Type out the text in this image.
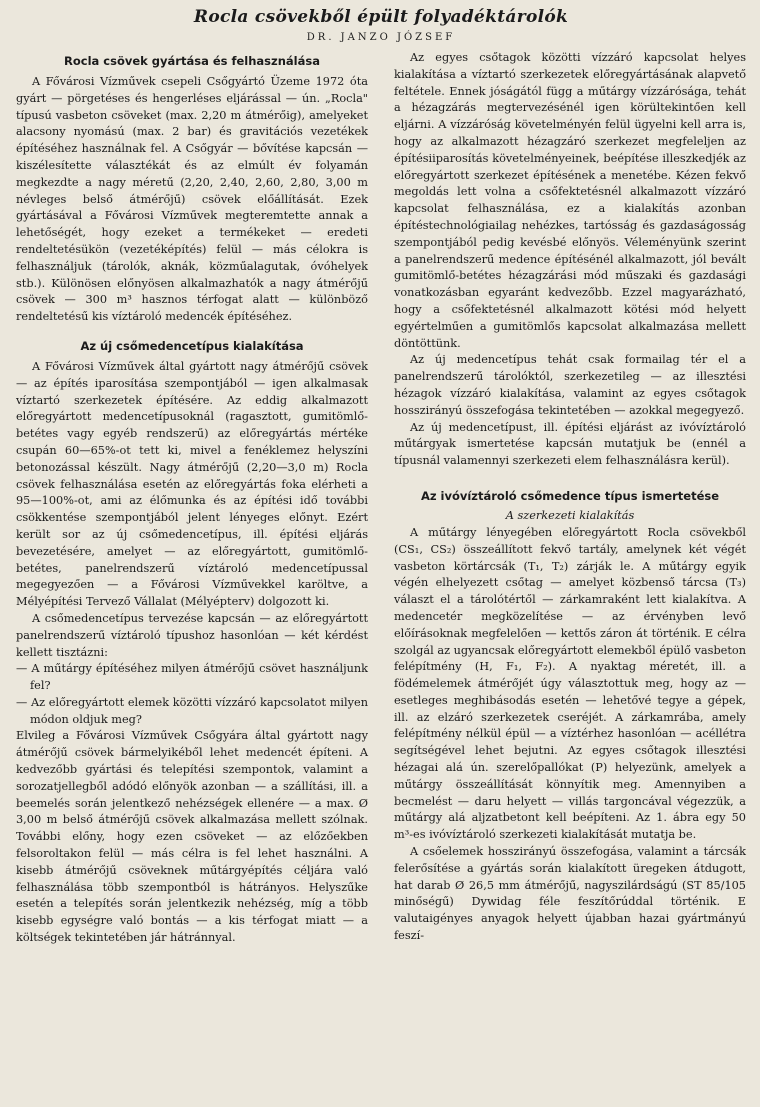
Rocla csövekből épült folyadéktárolók
DR. JANZO JÓZSEF
Rocla csövek gyártása és felhasználása

A Fővárosi Vízművek csepeli Csőgyártó Üzeme 1972 óta gyárt — pörgetéses és hengerléses eljárással — ún. „Rocla" típusú vasbeton csöveket (max. 2,20 m átmérőig), amelyeket alacsony nyomású (max. 2 bar) és gravitációs vezetékek építéséhez használnak fel. A Csőgyár — bővítése kapcsán — kiszélesítette választékát és az elmúlt év folyamán megkezdte a nagy méretű (2,20, 2,40, 2,60, 2,80, 3,00 m névleges belső átmérőjű) csövek előállítását. Ezek gyártásával a Fővárosi Vízművek megteremtette annak a lehetőségét, hogy ezeket a termékeket — eredeti rendeltetésükön (vezetéképítés) felül — más célokra is felhasználjuk (tárolók, aknák, közműalagutak, óvóhelyek stb.). Különösen előnyösen alkalmazhatók a nagy átmérőjű csövek — 300 m³ hasznos térfogat alatt — különböző rendeltetésű kis víztároló medencék építéséhez.

Az új csőmedencetípus kialakítása

A Fővárosi Vízművek által gyártott nagy átmérőjű csövek — az építés iparosítása szempontjából — igen alkalmasak víztartó szerkezetek építésére. Az eddig alkalmazott előregyártott medencetípusoknál (ragasztott, gumitömlő-betétes vagy egyéb rendszerű) az előregyártás mértéke csupán 60—65%-ot tett ki, mivel a fenéklemez helyszíni betonozással készült. Nagy átmérőjű (2,20—3,0 m) Rocla csövek felhasználása esetén az előregyártás foka elérheti a 95—100%-ot, ami az élőmunka és az építési idő további csökkentése szempontjából jelent lényeges előnyt. Ezért került sor az új csőmedencetípus, ill. építési eljárás bevezetésére, amelyet — az előregyártott, gumitömlő-betétes, panelrendszerű víztároló medencetípussal megegyezően — a Fővárosi Vízművekkel karöltve, a Mélyépítési Tervező Vállalat (Mélyépterv) dolgozott ki.

A csőmedencetípus tervezése kapcsán — az előregyártott panelrendszerű víztároló típushoz hasonlóan — két kérdést kellett tisztázni:

— A műtárgy építéséhez milyen átmérőjű csövet használjunk fel?
— Az előregyártott elemek közötti vízzáró kapcsolatot milyen módon oldjuk meg?

Elvileg a Fővárosi Vízművek Csőgyára által gyártott nagy átmérőjű csövek bármelyikéből lehet medencét építeni. A kedvezőbb gyártási és telepítési szempontok, valamint a sorozatjellegből adódó előnyök azonban — a szállítási, ill. a beemelés során jelentkező nehézségek ellenére — a max. Ø 3,00 m belső átmérőjű csövek alkalmazása mellett szólnak. További előny, hogy ezen csöveket — az előzőekben felsoroltakon felül — más célra is fel lehet használni. A kisebb átmérőjű csöveknek műtárgyépítés céljára való felhasználása több szempontból is hátrányos. Helyszűke esetén a telepítés során jelentkezik nehézség, míg a több kisebb egységre való bontás — a kis térfogat miatt — a költségek tekintetében jár hátránnyal.

Az egyes csőtagok közötti vízzáró kapcsolat helyes kialakítása a víztartó szerkezetek előregyártásának alapvető feltétele. Ennek jóságától függ a műtárgy vízzárósága, tehát a hézagzárás megtervezésénél igen körültekintően kell eljárni. A vízzáróság követelményén felül ügyelni kell arra is, hogy az alkalmazott hézagzáró szerkezet megfeleljen az építésiiparosítás követelményeinek, beépítése illeszkedjék az előregyártott szerkezet építésének a menetébe. Kézen fekvő megoldás lett volna a csőfektetésnél alkalmazott vízzáró kapcsolat felhasználása, ez a kialakítás azonban építéstechnológiailag nehézkes, tartósság és gazdaságosság szempontjából pedig kevésbé előnyös. Véleményünk szerint a panelrendszerű medence építésénél alkalmazott, jól bevált gumitömlő-betétes hézagzárási mód műszaki és gazdasági vonatkozásban egyaránt kedvezőbb. Ezzel magyarázható, hogy a csőfektetésnél alkalmazott kötési mód helyett egyértelműen a gumitömlős kapcsolat alkalmazása mellett döntöttünk.

Az új medencetípus tehát csak formailag tér el a panelrendszerű tárolóktól, szerkezetileg — az illesztési hézagok vízzáró kialakítása, valamint az egyes csőtagok hosszirányú összefogása tekintetében — azokkal megegyező.

Az új medencetípust, ill. építési eljárást az ivóvíztároló műtárgyak ismertetése kapcsán mutatjuk be (ennél a típusnál valamennyi szerkezeti elem felhasználásra kerül).

Az ivóvíztároló csőmedence típus ismertetése
A szerkezeti kialakítás

A műtárgy lényegében előregyártott Rocla csövekből (CS₁, CS₂) összeállított fekvő tartály, amelynek két végét vasbeton körtárcsák (T₁, T₂) zárják le. A műtárgy egyik végén elhelyezett csőtag — amelyet közbenső tárcsa (T₃) választ el a tárolótértől — zárkamraként lett kialakítva. A medencetér megközelítése — az érvényben levő előírásoknak megfelelően — kettős záron át történik. E célra szolgál az ugyancsak előregyártott elemekből épülő vasbeton felépítmény (H, F₁, F₂). A nyaktag méretét, ill. a födémelemek átmérőjét úgy választottuk meg, hogy az — esetleges meghibásodás esetén — lehetővé tegye a gépek, ill. az elzáró szerkezetek cseréjét. A zárkamrába, amely felépítmény nélkül épül — a víztérhez hasonlóan — acéllétra segítségével lehet bejutni. Az egyes csőtagok illesztési hézagai alá ún. szerelőpallókat (P) helyezünk, amelyek a műtárgy összeállítását könnyítik meg. Amennyiben a becmelést — daru helyett — villás targoncával végezzük, a műtárgy alá aljzatbetont kell beépíteni. Az 1. ábra egy 50 m³-es ivóvíztároló szerkezeti kialakítását mutatja be.

A csőelemek hosszirányú összefogása, valamint a tárcsák felerősítése a gyártás során kialakított üregeken átdugott, hat darab Ø 26,5 mm átmérőjű, nagyszilárdságú (ST 85/105 minőségű) Dywidag féle feszítőrúddal történik. E valutaigényes anyagok helyett újabban hazai gyártmányú feszí-
